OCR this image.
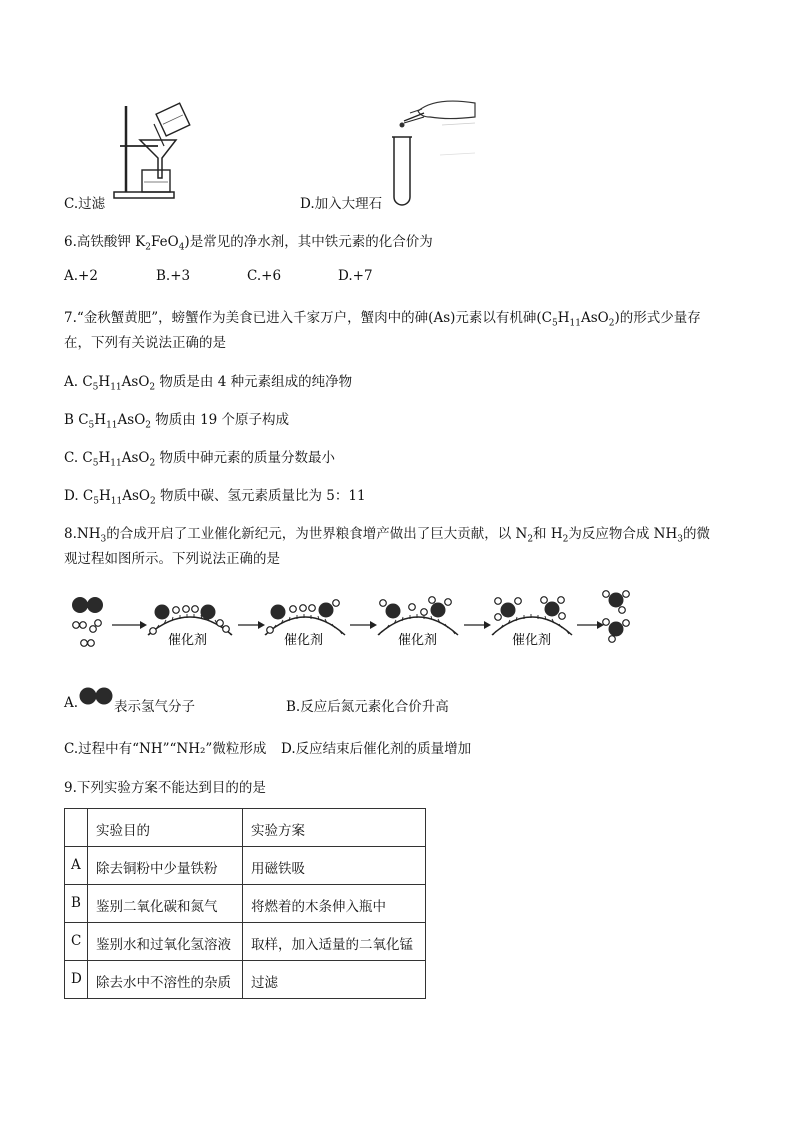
C.过滤	D.加入大理石
6.高铁酸钾 $K_2FeO_4$)是常见的净水剂，其中铁元素的化合价为
A.+2	B.+3	C.+6	D.+7
7.“金秋蟹黄肥”，螃蟹作为美食已进入千家万户，蟹肉中的砷(As)元素以有机砷$(C_5H_{11}AsO_2)$的形式少量存
在，下列有关说法正确的是
A. $C_5H_{11}AsO_2$ 物质是由 4 种元素组成的纯净物
B $C_5H_{11}AsO_2$ 物质由 19 个原子构成
C. $C_5H_{11}AsO_2$ 物质中砷元素的质量分数最小
D. $C_5H_{11}AsO_2$ 物质中碳、氢元素质量比为 5：11
$8.NH_3$的合成开启了工业催化新纪元，为世界粮食增产做出了巨大贡献，以 $N_2$和 $H_2$为反应物合成 $NH_3$的微
观过程如图所示。下列说法正确的是
催化剂	催化剂	催化剂	催化剂
A.	表示氢气分子	B.反应后氮元素化合价升高
C.过程中有“NH”“NH₂”微粒形成 D.反应结束后催化剂的质量增加
9.下列实验方案不能达到目的的是
	实验目的	实验方案
A	除去铜粉中少量铁粉	用磁铁吸
B	鉴别二氧化碳和氮气	将燃着的木条伸入瓶中
C	鉴别水和过氧化氢溶液	取样，加入适量的二氧化锰
D	除去水中不溶性的杂质	过滤
